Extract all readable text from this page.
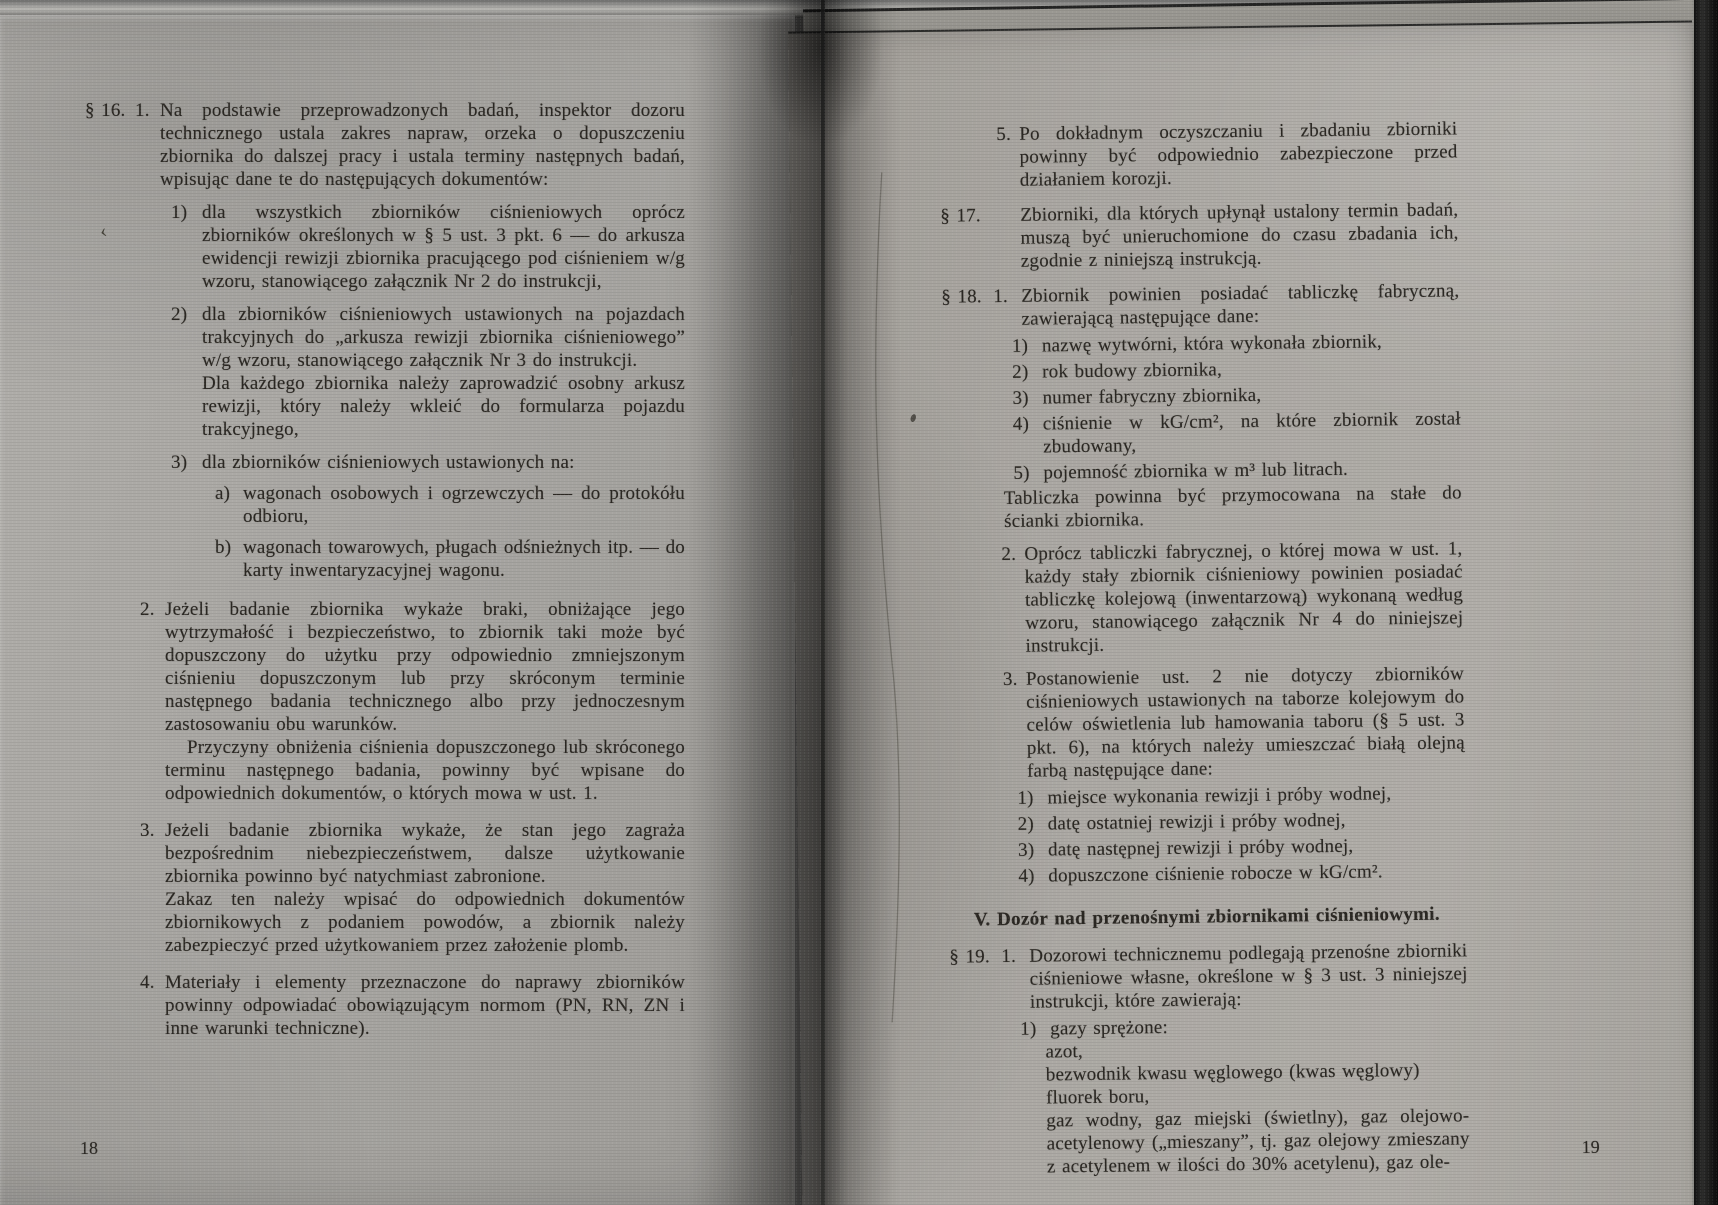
‹
§ 16. 1. Na podstawie przeprowadzonych badań, inspektor dozoru technicznego ustala zakres napraw, orzeka o dopuszczeniu zbiornika do dalszej pracy i ustala terminy następnych badań, wpisując dane te do następujących dokumentów:
1) dla wszystkich zbiorników ciśnieniowych oprócz zbiorników określonych w § 5 ust. 3 pkt. 6 — do arkusza ewidencji rewizji zbiornika pracującego pod ciśnieniem w/g wzoru, stanowiącego załącznik Nr 2 do instrukcji,
2) dla zbiorników ciśnieniowych ustawionych na pojazdach trakcyjnych do „arkusza rewizji zbiornika ciśnieniowego” w/g wzoru, stanowiącego załącznik Nr 3 do instrukcji.
Dla każdego zbiornika należy zaprowadzić osobny arkusz rewizji, który należy wkleić do formularza pojazdu trakcyjnego,
3) dla zbiorników ciśnieniowych ustawionych na:
a) wagonach osobowych i ogrzewczych — do protokółu odbioru,
b) wagonach towarowych, pługach odśnieżnych itp. — do karty inwentaryzacyjnej wagonu.
2. Jeżeli badanie zbiornika wykaże braki, obniżające jego wytrzymałość i bezpieczeństwo, to zbiornik taki może być dopuszczony do użytku przy odpowiednio zmniejszonym ciśnieniu dopuszczonym lub przy skróconym terminie następnego badania technicznego albo przy jednoczesnym zastosowaniu obu warunków.
Przyczyny obniżenia ciśnienia dopuszczonego lub skróconego terminu następnego badania, powinny być wpisane do odpowiednich dokumentów, o których mowa w ust. 1.
3. Jeżeli badanie zbiornika wykaże, że stan jego zagraża bezpośrednim niebezpieczeństwem, dalsze użytkowanie zbiornika powinno być natychmiast zabronione.
Zakaz ten należy wpisać do odpowiednich dokumentów zbiornikowych z podaniem powodów, a zbiornik należy zabezpieczyć przed użytkowaniem przez założenie plomb.
4. Materiały i elementy przeznaczone do naprawy zbiorników powinny odpowiadać obowiązującym normom (PN, RN, ZN i inne warunki techniczne).
18
5. Po dokładnym oczyszczaniu i zbadaniu zbiorniki powinny być odpowiednio zabezpieczone przed działaniem korozji.
§ 17.	Zbiorniki, dla których upłynął ustalony termin badań, muszą być unieruchomione do czasu zbadania ich, zgodnie z niniejszą instrukcją.
§ 18. 1. Zbiornik powinien posiadać tabliczkę fabryczną, zawierającą następujące dane:
1) nazwę wytwórni, która wykonała zbiornik,
2) rok budowy zbiornika,
3) numer fabryczny zbiornika,
4) ciśnienie w kG/cm², na które zbiornik został zbudowany,
5) pojemność zbiornika w m³ lub litrach.
Tabliczka powinna być przymocowana na stałe do ścianki zbiornika.
2. Oprócz tabliczki fabrycznej, o której mowa w ust. 1, każdy stały zbiornik ciśnieniowy powinien posiadać tabliczkę kolejową (inwentarzową) wykonaną według wzoru, stanowiącego załącznik Nr 4 do niniejszej instrukcji.
3. Postanowienie ust. 2 nie dotyczy zbiorników ciśnieniowych ustawionych na taborze kolejowym do celów oświetlenia lub hamowania taboru (§ 5 ust. 3 pkt. 6), na których należy umieszczać białą olejną farbą następujące dane:
1) miejsce wykonania rewizji i próby wodnej,
2) datę ostatniej rewizji i próby wodnej,
3) datę następnej rewizji i próby wodnej,
4) dopuszczone ciśnienie robocze w kG/cm².
V. Dozór nad przenośnymi zbiornikami ciśnieniowymi.
§ 19. 1. Dozorowi technicznemu podlegają przenośne zbiorniki ciśnieniowe własne, określone w § 3 ust. 3 niniejszej instrukcji, które zawierają:
1) gazy sprężone:
azot,
bezwodnik kwasu węglowego (kwas węglowy)
fluorek boru,
gaz wodny, gaz miejski (świetlny), gaz olejowo-acetylenowy („mieszany”, tj. gaz olejowy zmieszany z acetylenem w ilości do 30% acetylenu), gaz ole-
19
